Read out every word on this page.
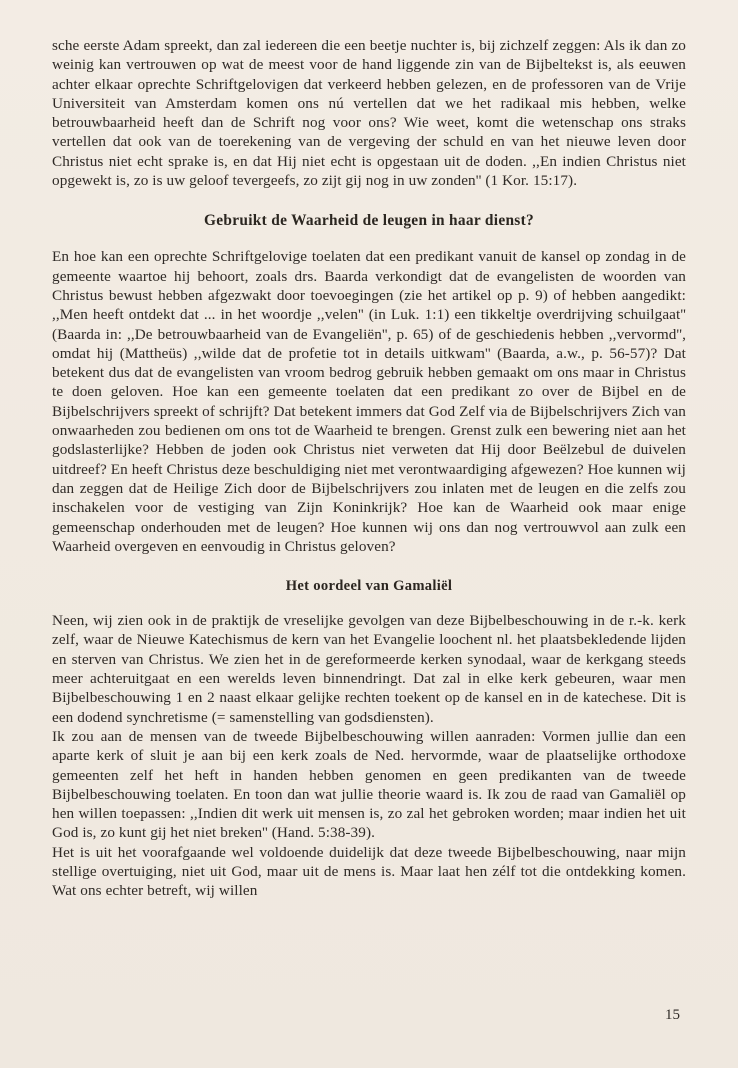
sche eerste Adam spreekt, dan zal iedereen die een beetje nuchter is, bij zichzelf zeggen: Als ik dan zo weinig kan vertrouwen op wat de meest voor de hand liggende zin van de Bijbeltekst is, als eeuwen achter elkaar oprechte Schriftgelovigen dat verkeerd hebben gelezen, en de professoren van de Vrije Universiteit van Amsterdam komen ons nú vertellen dat we het radikaal mis hebben, welke betrouwbaarheid heeft dan de Schrift nog voor ons? Wie weet, komt die wetenschap ons straks vertellen dat ook van de toerekening van de vergeving der schuld en van het nieuwe leven door Christus niet echt sprake is, en dat Hij niet echt is opgestaan uit de doden. ,,En indien Christus niet opgewekt is, zo is uw geloof tevergeefs, zo zijt gij nog in uw zonden'' (1 Kor. 15:17).

Gebruikt de Waarheid de leugen in haar dienst?

En hoe kan een oprechte Schriftgelovige toelaten dat een predikant vanuit de kansel op zondag in de gemeente waartoe hij behoort, zoals drs. Baarda verkondigt dat de evangelisten de woorden van Christus bewust hebben afgezwakt door toevoegingen (zie het artikel op p. 9) of hebben aangedikt: ,,Men heeft ontdekt dat ... in het woordje ,,velen'' (in Luk. 1:1) een tikkeltje overdrijving schuilgaat'' (Baarda in: ,,De betrouwbaarheid van de Evangeliën'', p. 65) of de geschiedenis hebben ,,vervormd'', omdat hij (Mattheüs) ,,wilde dat de profetie tot in details uitkwam'' (Baarda, a.w., p. 56-57)? Dat betekent dus dat de evangelisten van vroom bedrog gebruik hebben gemaakt om ons maar in Christus te doen geloven. Hoe kan een gemeente toelaten dat een predikant zo over de Bijbel en de Bijbelschrijvers spreekt of schrijft? Dat betekent immers dat God Zelf via de Bijbelschrijvers Zich van onwaarheden zou bedienen om ons tot de Waarheid te brengen. Grenst zulk een bewering niet aan het godslasterlijke? Hebben de joden ook Christus niet verweten dat Hij door Beëlzebul de duivelen uitdreef? En heeft Christus deze beschuldiging niet met verontwaardiging afgewezen? Hoe kunnen wij dan zeggen dat de Heilige Zich door de Bijbelschrijvers zou inlaten met de leugen en die zelfs zou inschakelen voor de vestiging van Zijn Koninkrijk? Hoe kan de Waarheid ook maar enige gemeenschap onderhouden met de leugen? Hoe kunnen wij ons dan nog vertrouwvol aan zulk een Waarheid overgeven en eenvoudig in Christus geloven?

Het oordeel van Gamaliël

Neen, wij zien ook in de praktijk de vreselijke gevolgen van deze Bijbelbeschouwing in de r.-k. kerk zelf, waar de Nieuwe Katechismus de kern van het Evangelie loochent nl. het plaatsbekledende lijden en sterven van Christus. We zien het in de gereformeerde kerken synodaal, waar de kerkgang steeds meer achteruitgaat en een werelds leven binnendringt. Dat zal in elke kerk gebeuren, waar men Bijbelbeschouwing 1 en 2 naast elkaar gelijke rechten toekent op de kansel en in de katechese. Dit is een dodend synchretisme (= samenstelling van godsdiensten).

Ik zou aan de mensen van de tweede Bijbelbeschouwing willen aanraden: Vormen jullie dan een aparte kerk of sluit je aan bij een kerk zoals de Ned. hervormde, waar de plaatselijke orthodoxe gemeenten zelf het heft in handen hebben genomen en geen predikanten van de tweede Bijbelbeschouwing toelaten. En toon dan wat jullie theorie waard is. Ik zou de raad van Gamaliël op hen willen toepassen: ,,Indien dit werk uit mensen is, zo zal het gebroken worden; maar indien het uit God is, zo kunt gij het niet breken'' (Hand. 5:38-39).

Het is uit het voorafgaande wel voldoende duidelijk dat deze tweede Bijbelbeschouwing, naar mijn stellige overtuiging, niet uit God, maar uit de mens is. Maar laat hen zélf tot die ontdekking komen. Wat ons echter betreft, wij willen

15
